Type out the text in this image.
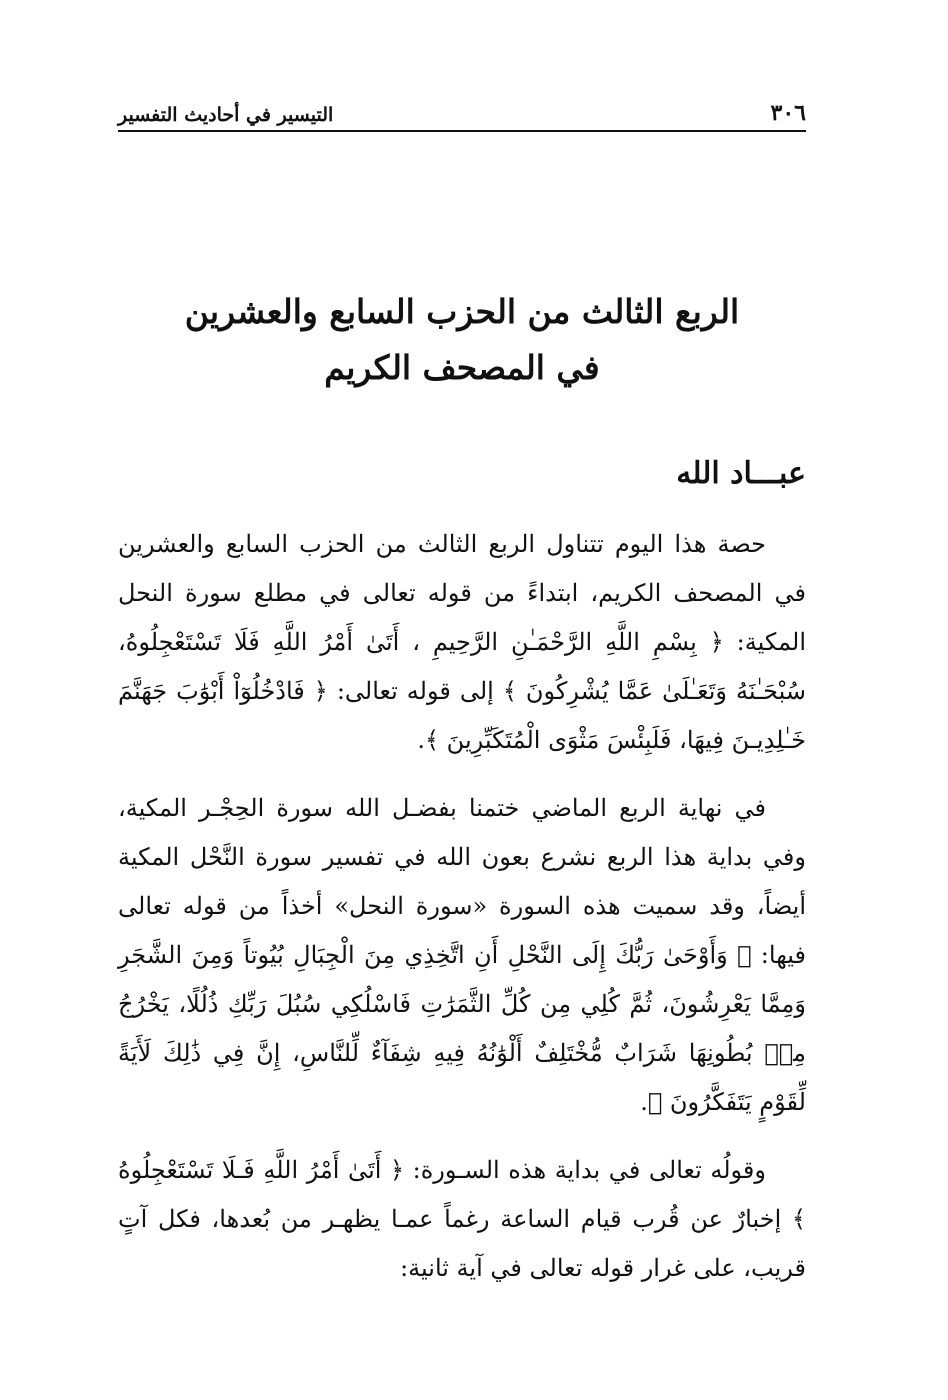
٣٠٦
التيسير في أحاديث التفسير
الربع الثالث من الحزب السابع والعشرين
في المصحف الكريم
عبـــاد الله
حصة هذا اليوم تتناول الربع الثالث من الحزب السابع والعشرين في المصحف الكريم، ابتداءً من قوله تعالى في مطلع سورة النحل المكية: ﴿ بِسْمِ اللَّهِ الرَّحْمَـٰنِ الرَّحِيمِ ، أَتَىٰ أَمْرُ اللَّهِ فَلَا تَسْتَعْجِلُوهُ، سُبْحَـٰنَهُ وَتَعَـٰلَىٰ عَمَّا يُشْرِكُونَ ﴾ إلى قوله تعالى: ﴿ فَادْخُلُوٓاْ أَبْوَٰبَ جَهَنَّمَ خَـٰلِدِيـنَ فِيهَا، فَلَبِئْسَ مَثْوَى الْمُتَكَبِّرِينَ ﴾.
في نهاية الربع الماضي ختمنا بفضـل الله سورة الحِجْـر المكية، وفي بداية هذا الربع نشرع بعون الله في تفسير سورة النَّحْل المكية أيضاً، وقد سميت هذه السورة «سورة النحل» أخذاً من قوله تعالى فيها: ﴿ وَأَوْحَىٰ رَبُّكَ إِلَى النَّحْلِ أَنِ اتَّخِذِي مِنَ الْجِبَالِ بُيُوتاً وَمِنَ الشَّجَرِ وَمِمَّا يَعْرِشُونَ، ثُمَّ كُلِي مِن كُلِّ الثَّمَرَٰتِ فَاسْلُكِي سُبُلَ رَبِّكِ ذُلُلًا، يَخْرُجُ مِنۢ بُطُونِهَا شَرَابٌ مُّخْتَلِفٌ أَلْوَٰنُهُ فِيهِ شِفَآءٌ لِّلنَّاسِ، إِنَّ فِي ذَٰلِكَ لَأَيَةً لِّقَوْمٍ يَتَفَكَّرُونَ ﴾.
وقولُه تعالى في بداية هذه السـورة: ﴿ أَتَىٰ أَمْرُ اللَّهِ فَـلَا تَسْتَعْجِلُوهُ ﴾ إخبارٌ عن قُرب قيام الساعة رغماً عمـا يظهـر من بُعدها، فكل آتٍ قريب، على غرار قوله تعالى في آية ثانية:
